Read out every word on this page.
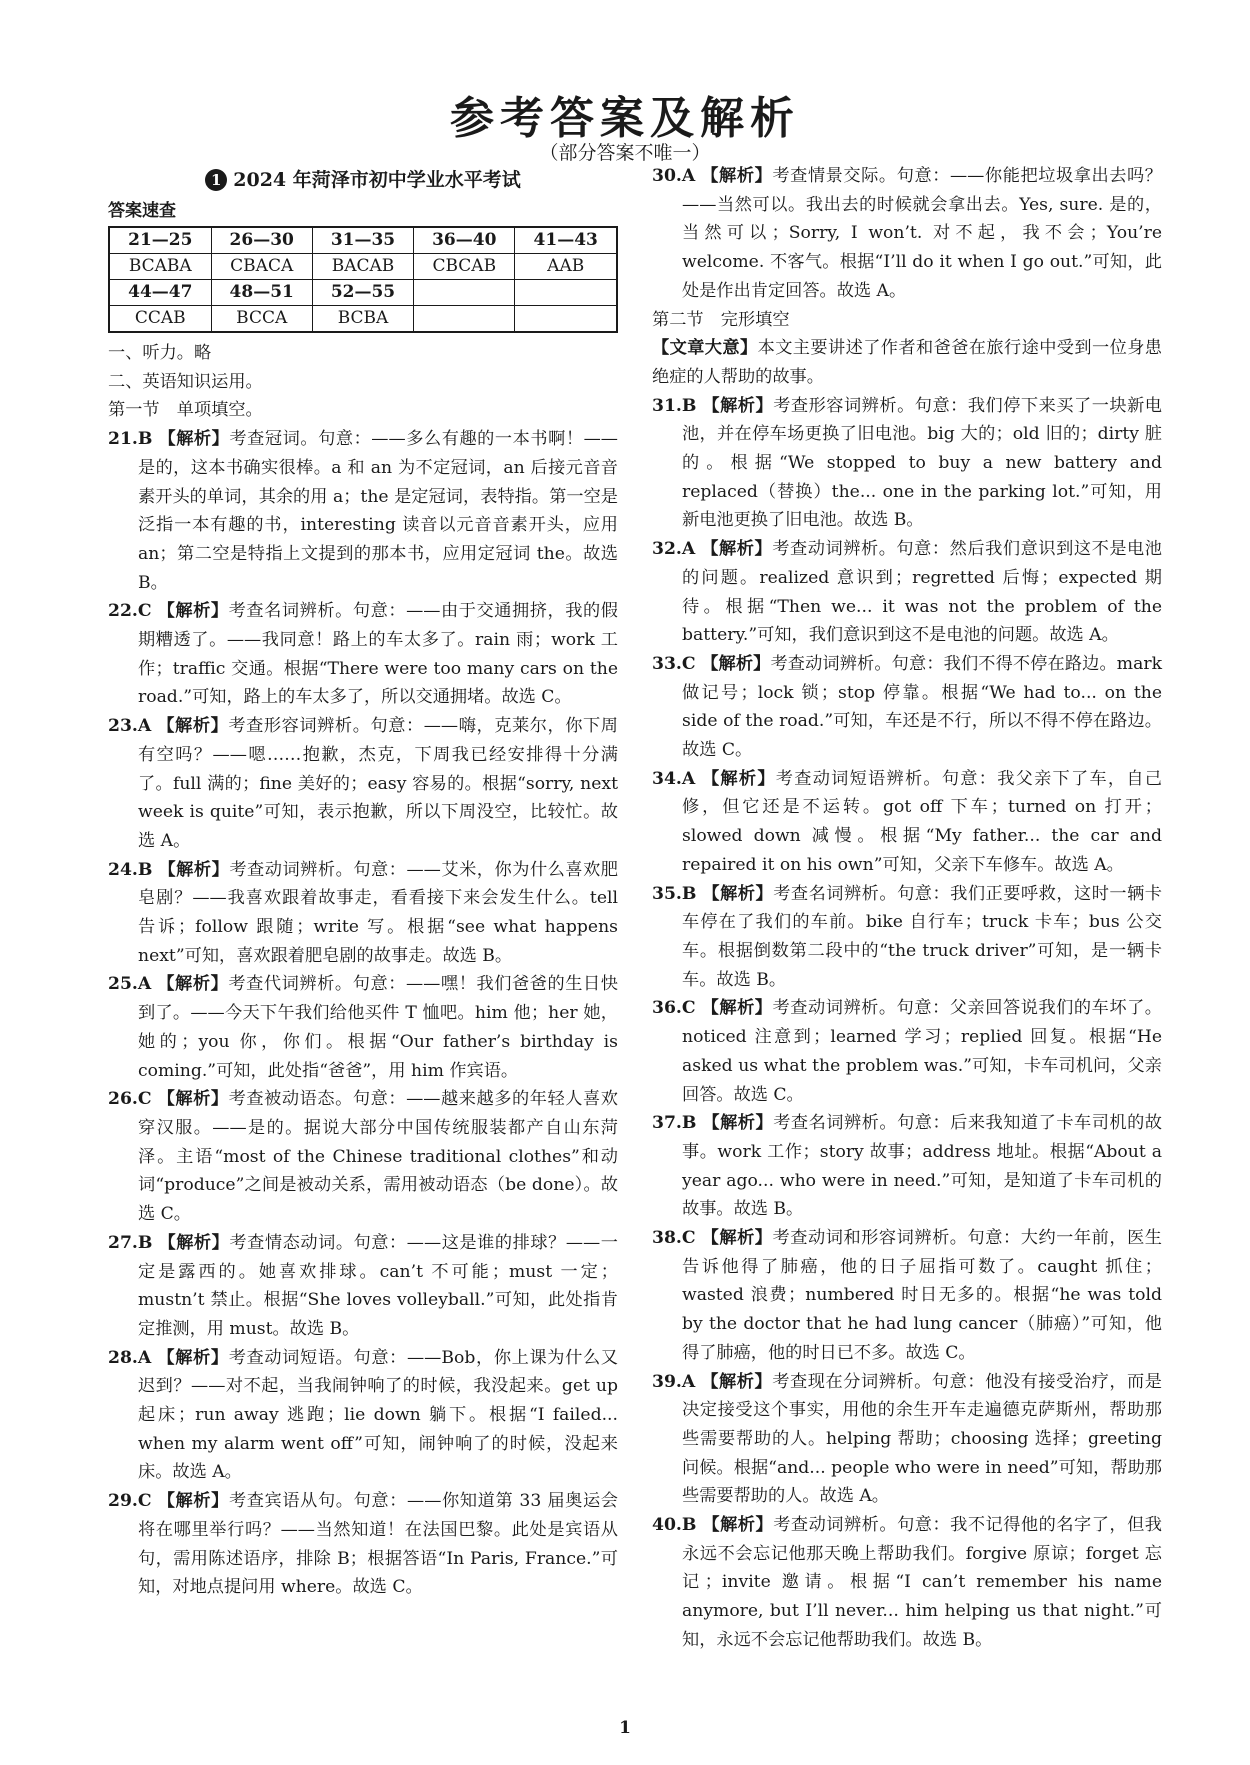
参考答案及解析
（部分答案不唯一）
1 2024 年菏泽市初中学业水平考试
答案速查
21—25	26—30	31—35	36—40	41—43
BCABA	CBACA	BACAB	CBCAB	AAB
44—47	48—51	52—55		
CCAB	BCCA	BCBA		
一、听力。略
二、英语知识运用。
第一节　单项填空。
21.B 【解析】考查冠词。句意：——多么有趣的一本书啊！——是的，这本书确实很棒。a 和 an 为不定冠词，an 后接元音音素开头的单词，其余的用 a；the 是定冠词，表特指。第一空是泛指一本有趣的书，interesting 读音以元音音素开头，应用 an；第二空是特指上文提到的那本书，应用定冠词 the。故选 B。
22.C 【解析】考查名词辨析。句意：——由于交通拥挤，我的假期糟透了。——我同意！路上的车太多了。rain 雨；work 工作；traffic 交通。根据“There were too many cars on the road.”可知，路上的车太多了，所以交通拥堵。故选 C。
23.A 【解析】考查形容词辨析。句意：——嗨，克莱尔，你下周有空吗？——嗯……抱歉，杰克，下周我已经安排得十分满了。full 满的；fine 美好的；easy 容易的。根据“sorry, next week is quite”可知，表示抱歉，所以下周没空，比较忙。故选 A。
24.B 【解析】考查动词辨析。句意：——艾米，你为什么喜欢肥皂剧？——我喜欢跟着故事走，看看接下来会发生什么。tell 告诉；follow 跟随；write 写。根据“see what happens next”可知，喜欢跟着肥皂剧的故事走。故选 B。
25.A 【解析】考查代词辨析。句意：——嘿！我们爸爸的生日快到了。——今天下午我们给他买件 T 恤吧。him 他；her 她，她的；you 你，你们。根据“Our father’s birthday is coming.”可知，此处指“爸爸”，用 him 作宾语。
26.C 【解析】考查被动语态。句意：——越来越多的年轻人喜欢穿汉服。——是的。据说大部分中国传统服装都产自山东菏泽。主语“most of the Chinese traditional clothes”和动词“produce”之间是被动关系，需用被动语态（be done）。故选 C。
27.B 【解析】考查情态动词。句意：——这是谁的排球？——一定是露西的。她喜欢排球。can’t 不可能；must 一定；mustn’t 禁止。根据“She loves volleyball.”可知，此处指肯定推测，用 must。故选 B。
28.A 【解析】考查动词短语。句意：——Bob，你上课为什么又迟到？——对不起，当我闹钟响了的时候，我没起来。get up 起床；run away 逃跑；lie down 躺下。根据“I failed... when my alarm went off”可知，闹钟响了的时候，没起来床。故选 A。
29.C 【解析】考查宾语从句。句意：——你知道第 33 届奥运会将在哪里举行吗？——当然知道！在法国巴黎。此处是宾语从句，需用陈述语序，排除 B；根据答语“In Paris, France.”可知，对地点提问用 where。故选 C。
30.A 【解析】考查情景交际。句意：——你能把垃圾拿出去吗？——当然可以。我出去的时候就会拿出去。Yes, sure. 是的，当然可以；Sorry, I won’t. 对不起，我不会；You’re welcome. 不客气。根据“I’ll do it when I go out.”可知，此处是作出肯定回答。故选 A。
第二节　完形填空
【文章大意】本文主要讲述了作者和爸爸在旅行途中受到一位身患绝症的人帮助的故事。
31.B 【解析】考查形容词辨析。句意：我们停下来买了一块新电池，并在停车场更换了旧电池。big 大的；old 旧的；dirty 脏的。根据“We stopped to buy a new battery and replaced（替换）the... one in the parking lot.”可知，用新电池更换了旧电池。故选 B。
32.A 【解析】考查动词辨析。句意：然后我们意识到这不是电池的问题。realized 意识到；regretted 后悔；expected 期待。根据“Then we... it was not the problem of the battery.”可知，我们意识到这不是电池的问题。故选 A。
33.C 【解析】考查动词辨析。句意：我们不得不停在路边。mark 做记号；lock 锁；stop 停靠。根据“We had to... on the side of the road.”可知，车还是不行，所以不得不停在路边。故选 C。
34.A 【解析】考查动词短语辨析。句意：我父亲下了车，自己修，但它还是不运转。got off 下车；turned on 打开；slowed down 减慢。根据“My father... the car and repaired it on his own”可知，父亲下车修车。故选 A。
35.B 【解析】考查名词辨析。句意：我们正要呼救，这时一辆卡车停在了我们的车前。bike 自行车；truck 卡车；bus 公交车。根据倒数第二段中的“the truck driver”可知，是一辆卡车。故选 B。
36.C 【解析】考查动词辨析。句意：父亲回答说我们的车坏了。noticed 注意到；learned 学习；replied 回复。根据“He asked us what the problem was.”可知，卡车司机问，父亲回答。故选 C。
37.B 【解析】考查名词辨析。句意：后来我知道了卡车司机的故事。work 工作；story 故事；address 地址。根据“About a year ago... who were in need.”可知，是知道了卡车司机的故事。故选 B。
38.C 【解析】考查动词和形容词辨析。句意：大约一年前，医生告诉他得了肺癌，他的日子屈指可数了。caught 抓住；wasted 浪费；numbered 时日无多的。根据“he was told by the doctor that he had lung cancer（肺癌）”可知，他得了肺癌，他的时日已不多。故选 C。
39.A 【解析】考查现在分词辨析。句意：他没有接受治疗，而是决定接受这个事实，用他的余生开车走遍德克萨斯州，帮助那些需要帮助的人。helping 帮助；choosing 选择；greeting 问候。根据“and... people who were in need”可知，帮助那些需要帮助的人。故选 A。
40.B 【解析】考查动词辨析。句意：我不记得他的名字了，但我永远不会忘记他那天晚上帮助我们。forgive 原谅；forget 忘记；invite 邀请。根据“I can’t remember his name anymore, but I’ll never... him helping us that night.”可知，永远不会忘记他帮助我们。故选 B。
1
